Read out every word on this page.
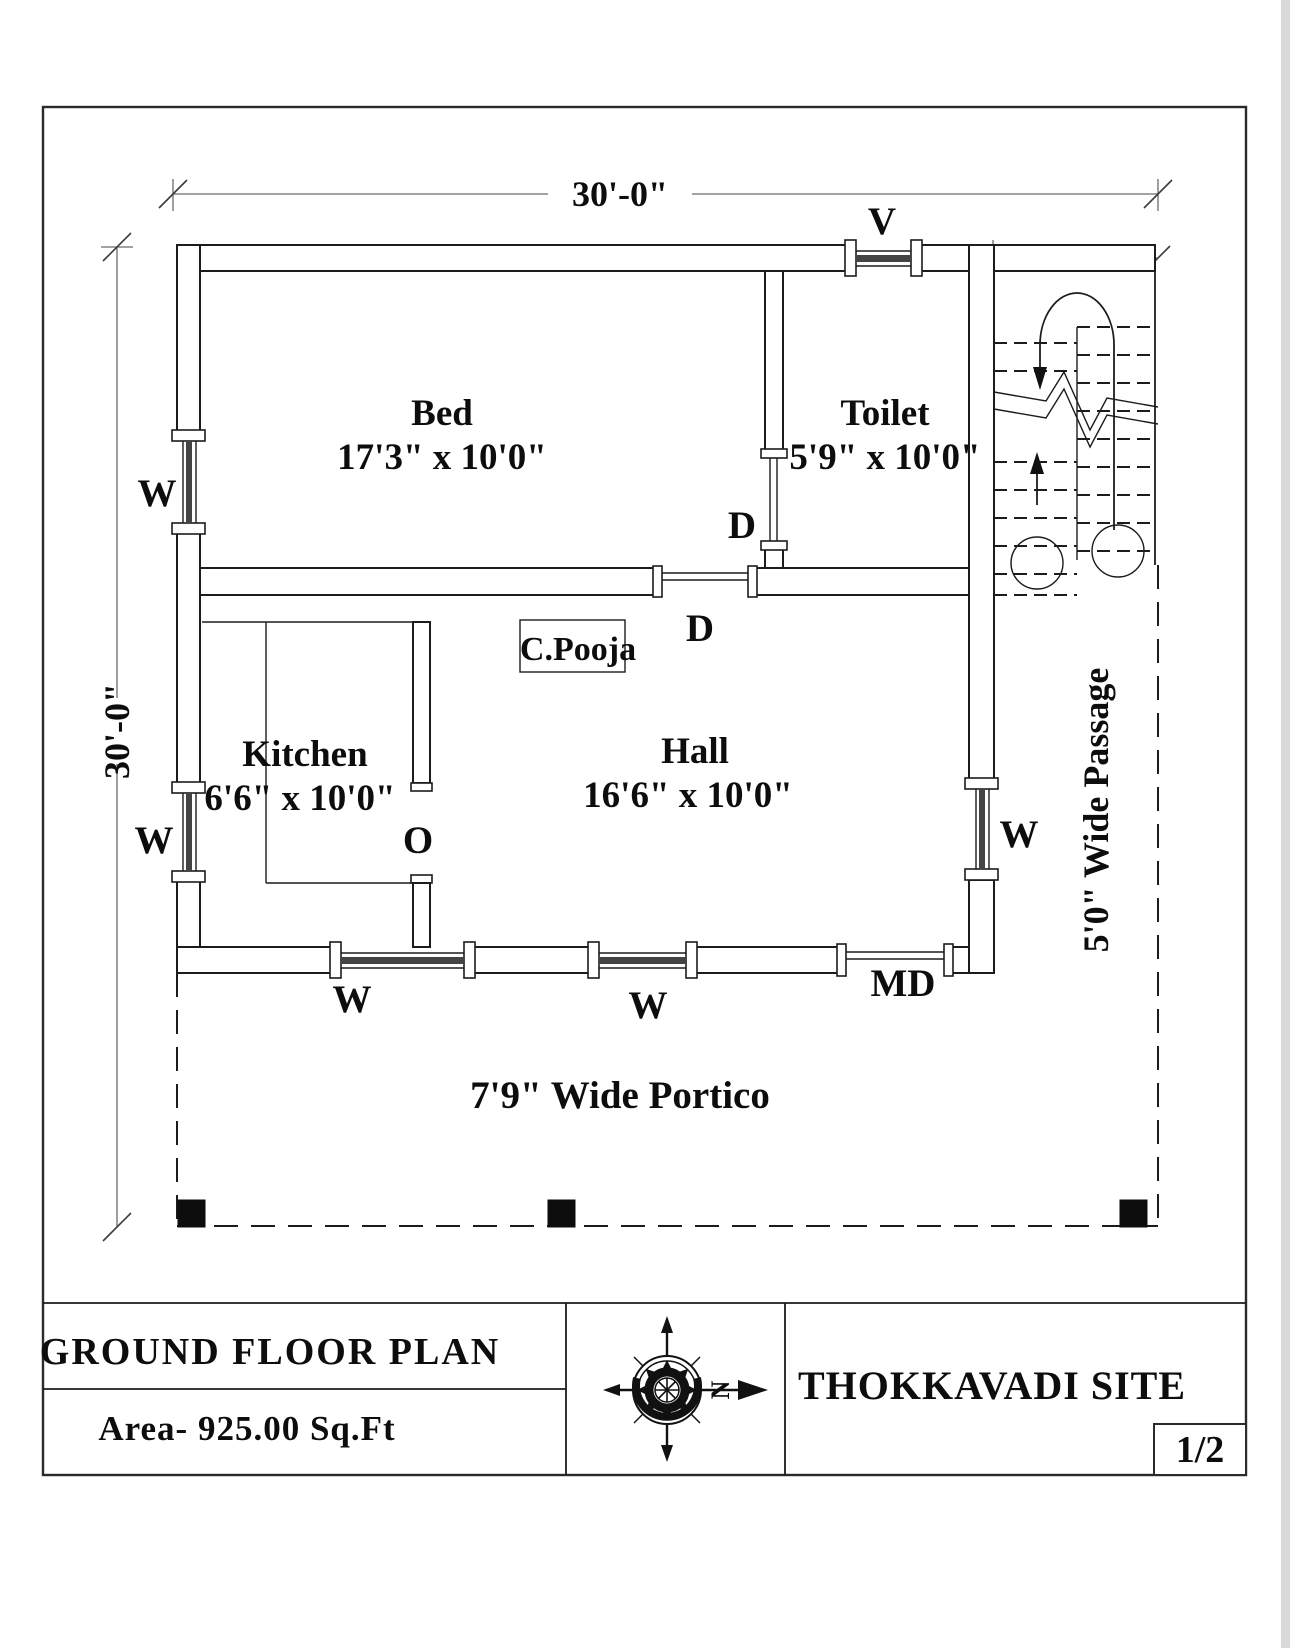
30'-0"
30'-0"
Bed
17'3" x 10'0"
Toilet
5'9" x 10'0"
Kitchen
6'6" x 10'0"
Hall
16'6" x 10'0"
C.Pooja
V
W
W
W	W
W
D
D
MD
O
7'9" Wide Portico
5'0" Wide Passage
GROUND FLOOR PLAN
Area- 925.00 Sq.Ft
THOKKAVADI SITE
1/2
N
